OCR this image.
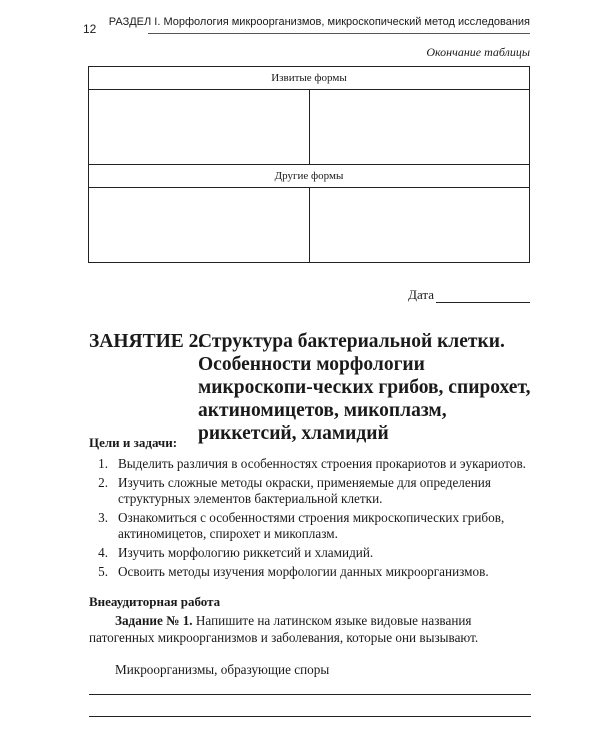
12 РАЗДЕЛ I. Морфология микроорганизмов, микроскопический метод исследования
Окончание таблицы
Извитые формы	

Другие формы	

Дата
ЗАНЯТИЕ 2.
Структура бактериальной клетки. Особенности морфологии микроскопи-ческих грибов, спирохет, актиномицетов, микоплазм, риккетсий, хламидий
Цели и задачи:
1. Выделить различия в особенностях строения прокариотов и эукариотов.
2. Изучить сложные методы окраски, применяемые для определения структурных элементов бактериальной клетки.
3. Ознакомиться с особенностями строения микроскопических грибов, актиномицетов, спирохет и микоплазм.
4. Изучить морфологию риккетсий и хламидий.
5. Освоить методы изучения морфологии данных микроорганизмов.
Внеаудиторная работа
Задание № 1. Напишите на латинском языке видовые названия патогенных микроорганизмов и заболевания, которые они вызывают.
Микроорганизмы, образующие споры
